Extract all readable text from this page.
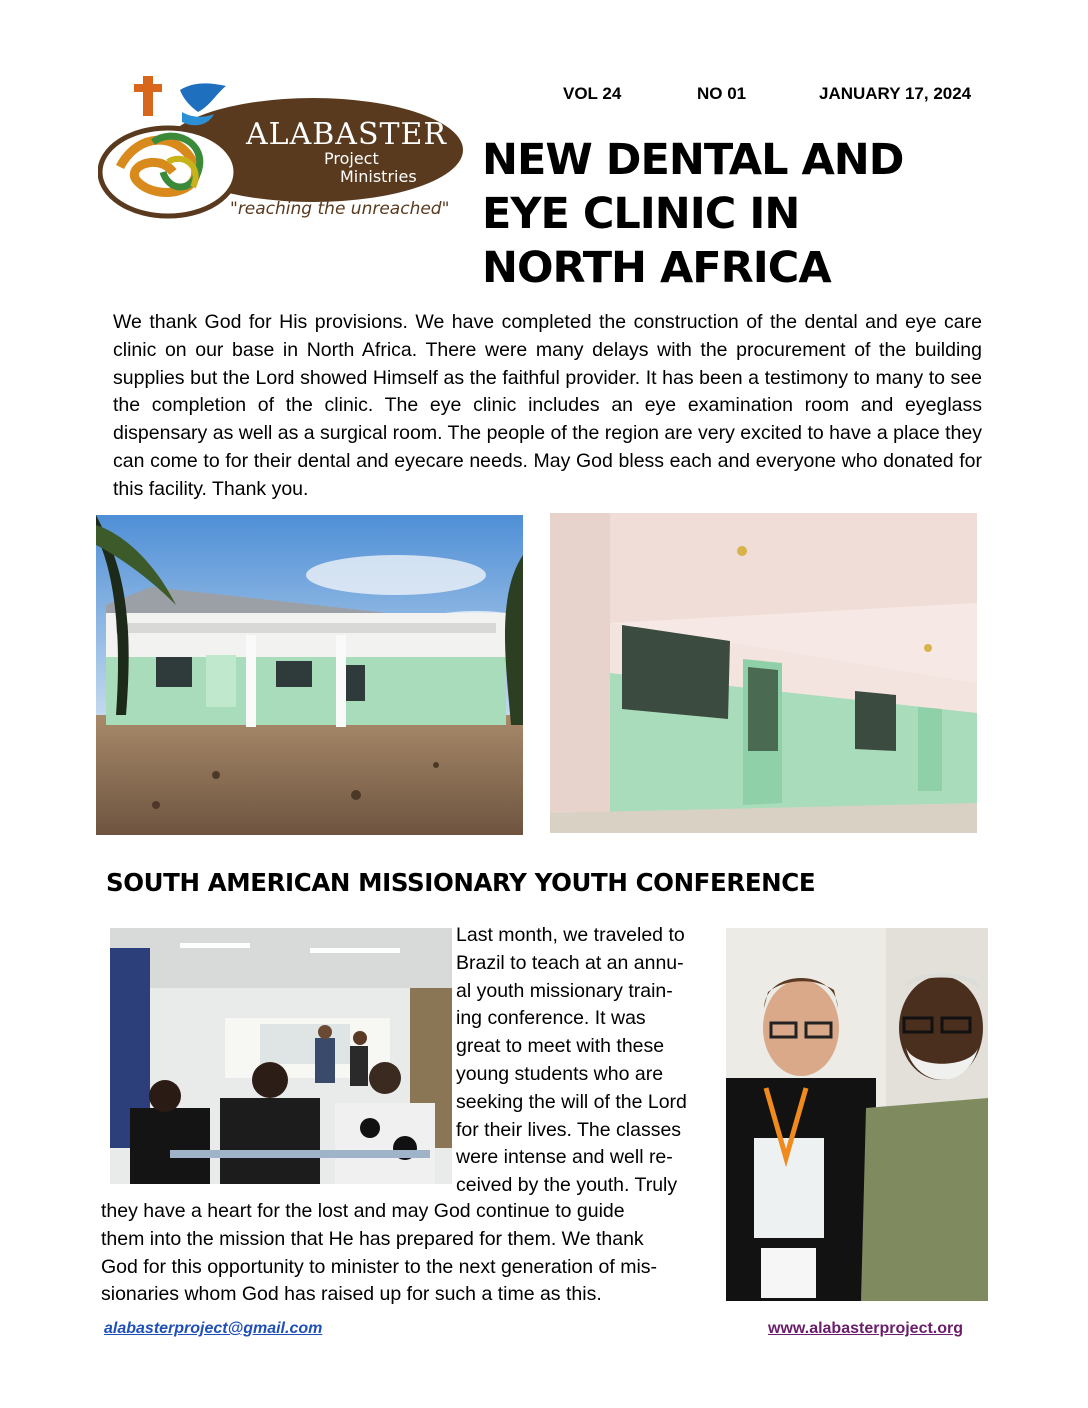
VOL 24	NO 01	JANUARY 17, 2024
ALABASTER
Project
Ministries
"reaching the unreached"
NEW DENTAL AND
EYE CLINIC IN
NORTH AFRICA
We thank God for His provisions. We have completed the construction of the dental and eye care clinic on our base in North Africa. There were many delays with the procurement of the building supplies but the Lord showed Himself as the faithful provider. It has been a testimony to many to see the completion of the clinic. The eye clinic includes an eye examination room and eyeglass dispensary as well as a surgical room. The people of the region are very excited to have a place they can come to for their dental and eyecare needs. May God bless each and everyone who donated for this facility. Thank you.
SOUTH AMERICAN MISSIONARY YOUTH CONFERENCE
Last month, we traveled to
Brazil to teach at an annu-
al youth missionary train-
ing conference. It was
great to meet with these
young students who are
seeking the will of the Lord
for their lives. The classes
were intense and well re-
ceived by the youth. Truly
they have a heart for the lost and may God continue to guide
them into the mission that He has prepared for them. We thank
God for this opportunity to minister to the next generation of mis-
sionaries whom God has raised up for such a time as this.
alabasterproject@gmail.com	www.alabasterproject.org
